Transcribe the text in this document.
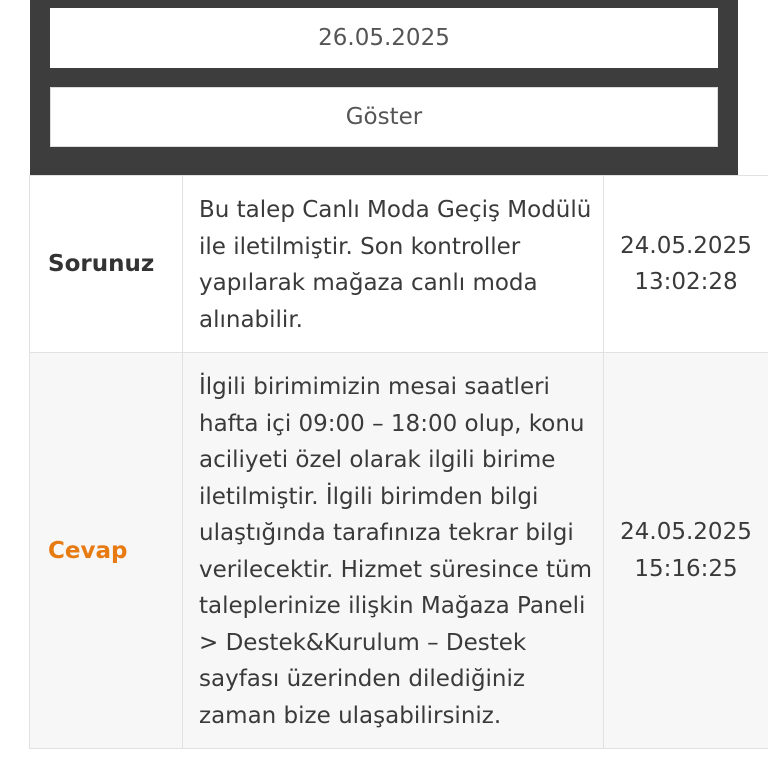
26.05.2025
Göster
Sorunuz	Bu talep Canlı Moda Geçiş Modülü ile iletilmiştir. Son kontroller yapılarak mağaza canlı moda alınabilir.	24.05.2025
13:02:28

Cevap	İlgili birimimizin mesai saatleri hafta içi 09:00 – 18:00 olup, konu aciliyeti özel olarak ilgili birime iletilmiştir. İlgili birimden bilgi ulaştığında tarafınıza tekrar bilgi verilecektir. Hizmet süresince tüm taleplerinize ilişkin Mağaza Paneli > Destek&Kurulum – Destek sayfası üzerinden dilediğiniz zaman bize ulaşabilirsiniz.	24.05.2025
15:16:25
